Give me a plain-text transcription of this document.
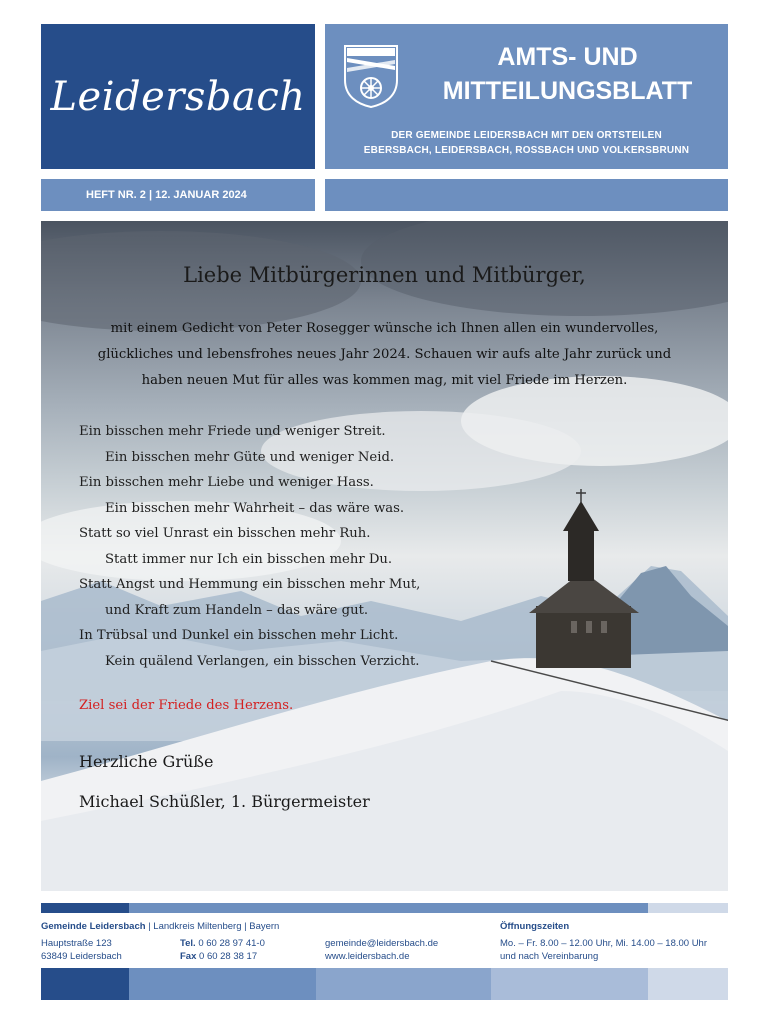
Leidersbach
AMTS- UND
MITTEILUNGSBLATT
DER GEMEINDE LEIDERSBACH MIT DEN ORTSTEILEN
EBERSBACH, LEIDERSBACH, ROSSBACH UND VOLKERSBRUNN
HEFT NR. 2 | 12. JANUAR 2024
Liebe Mitbürgerinnen und Mitbürger,
mit einem Gedicht von Peter Rosegger wünsche ich Ihnen allen ein wundervolles,
glückliches und lebensfrohes neues Jahr 2024. Schauen wir aufs alte Jahr zurück und
haben neuen Mut für alles was kommen mag, mit viel Friede im Herzen.
Ein bisschen mehr Friede und weniger Streit.
Ein bisschen mehr Güte und weniger Neid.
Ein bisschen mehr Liebe und weniger Hass.
Ein bisschen mehr Wahrheit – das wäre was.
Statt so viel Unrast ein bisschen mehr Ruh.
Statt immer nur Ich ein bisschen mehr Du.
Statt Angst und Hemmung ein bisschen mehr Mut,
und Kraft zum Handeln – das wäre gut.
In Trübsal und Dunkel ein bisschen mehr Licht.
Kein quälend Verlangen, ein bisschen Verzicht.
Ziel sei der Friede des Herzens.
Herzliche Grüße
Michael Schüßler, 1. Bürgermeister
Gemeinde Leidersbach | Landkreis Miltenberg | Bayern	Öffnungszeiten
Hauptstraße 123
63849 Leidersbach
Tel. 0 60 28 97 41-0
Fax 0 60 28 38 17
gemeinde@leidersbach.de
www.leidersbach.de
Mo. – Fr. 8.00 – 12.00 Uhr, Mi. 14.00 – 18.00 Uhr
und nach Vereinbarung
